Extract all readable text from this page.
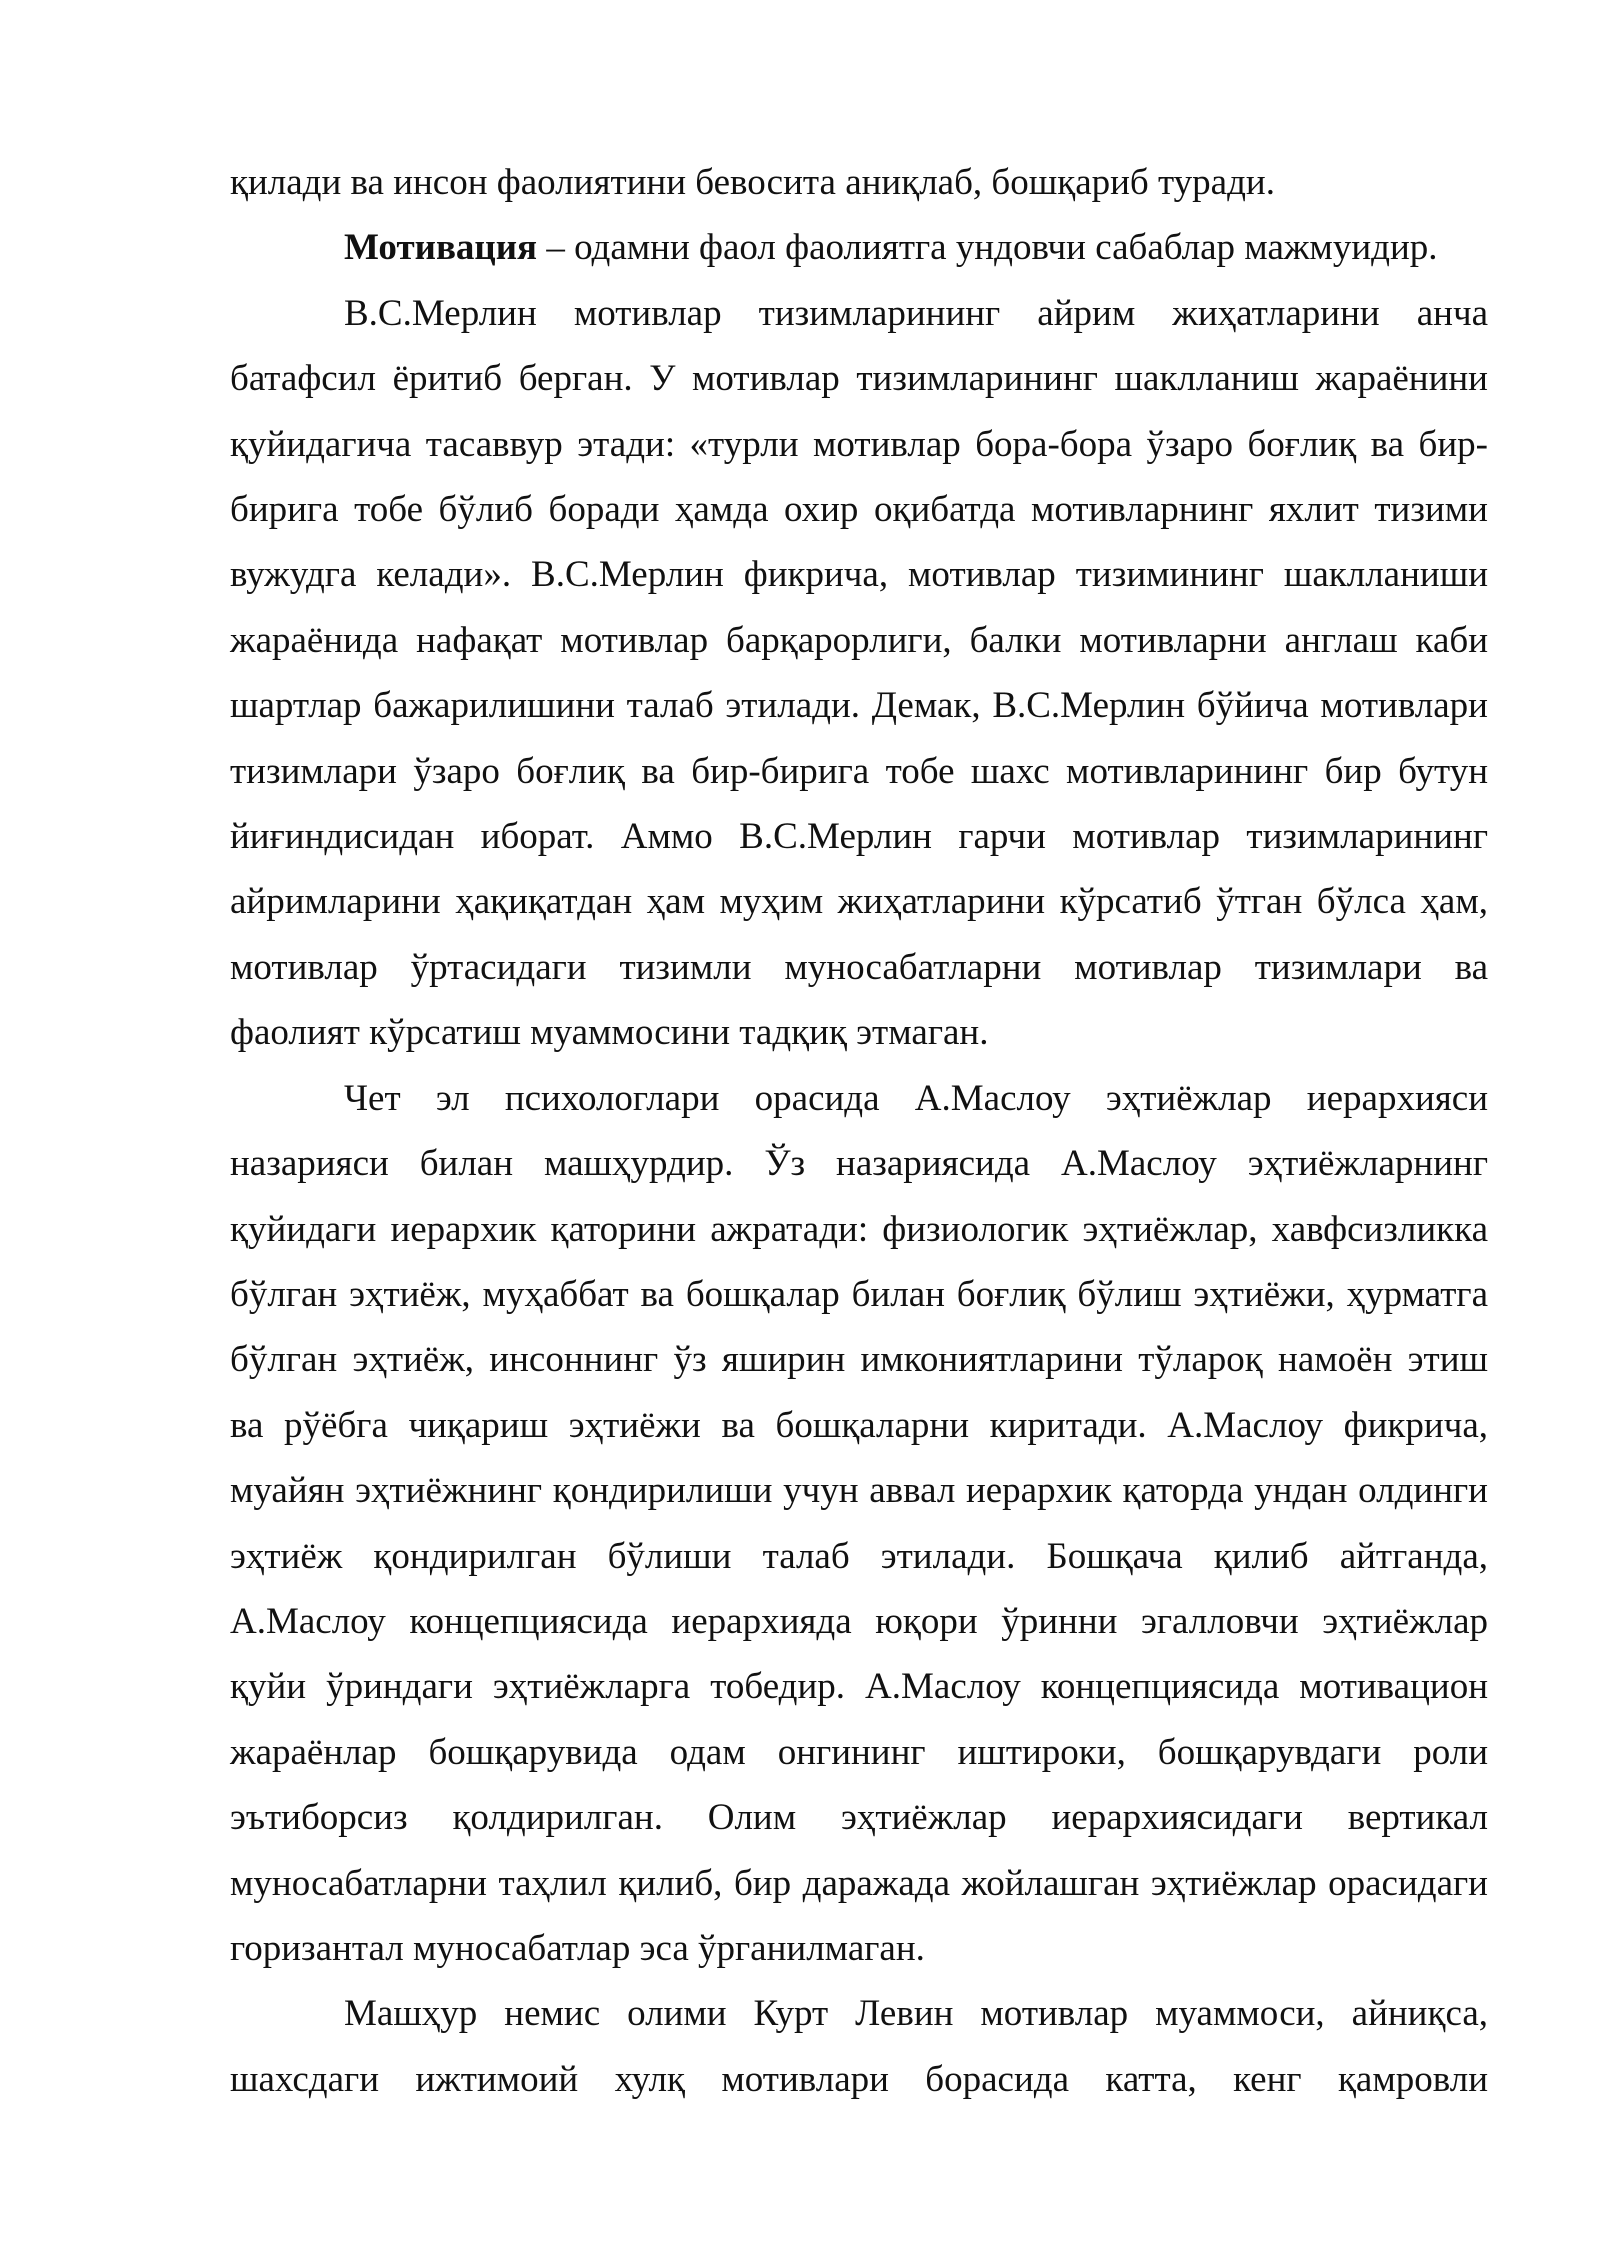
қилади ва инсон фаолиятини бевосита аниқлаб, бошқариб туради.

Мотивация – одамни фаол фаолиятга ундовчи сабаблар мажмуидир.

В.С.Мерлин мотивлар тизимларининг айрим жиҳатларини анча
батафсил ёритиб берган. У мотивлар тизимларининг шаклланиш жараёнини
қуйидагича тасаввур этади: «турли мотивлар бора-бора ўзаро боғлиқ ва бир-
бирига тобе бўлиб боради ҳамда охир оқибатда мотивларнинг яхлит тизими
вужудга келади». В.С.Мерлин фикрича, мотивлар тизимининг шаклланиши
жараёнида нафақат мотивлар барқарорлиги, балки мотивларни англаш каби
шартлар бажарилишини талаб этилади. Демак, В.С.Мерлин бўйича мотивлари
тизимлари ўзаро боғлиқ ва бир-бирига тобе шахс мотивларининг бир бутун
йиғиндисидан иборат. Аммо В.С.Мерлин гарчи мотивлар тизимларининг
айримларини ҳақиқатдан ҳам муҳим жиҳатларини кўрсатиб ўтган бўлса ҳам,
мотивлар ўртасидаги тизимли муносабатларни мотивлар тизимлари ва
фаолият кўрсатиш муаммосини тадқиқ этмаган.

Чет эл психологлари орасида А.Маслоу эҳтиёжлар иерархияси
назарияси билан машҳурдир. Ўз назариясида А.Маслоу эҳтиёжларнинг
қуйидаги иерархик қаторини ажратади: физиологик эҳтиёжлар, хавфсизликка
бўлган эҳтиёж, муҳаббат ва бошқалар билан боғлиқ бўлиш эҳтиёжи, ҳурматга
бўлган эҳтиёж, инсоннинг ўз яширин имкониятларини тўлароқ намоён этиш
ва рўёбга чиқариш эҳтиёжи ва бошқаларни киритади. А.Маслоу фикрича,
муайян эҳтиёжнинг қондирилиши учун аввал иерархик қаторда ундан олдинги
эҳтиёж қондирилган бўлиши талаб этилади. Бошқача қилиб айтганда,
А.Маслоу концепциясида иерархияда юқори ўринни эгалловчи эҳтиёжлар
қуйи ўриндаги эҳтиёжларга тобедир. А.Маслоу концепциясида мотивацион
жараёнлар бошқарувида одам онгининг иштироки, бошқарувдаги роли
эътиборсиз қолдирилган. Олим эҳтиёжлар иерархиясидаги вертикал
муносабатларни таҳлил қилиб, бир даражада жойлашган эҳтиёжлар орасидаги
горизантал муносабатлар эса ўрганилмаган.

Машҳур немис олими Курт Левин мотивлар муаммоси, айниқса,
шахсдаги ижтимоий хулқ мотивлари борасида катта, кенг қамровли
